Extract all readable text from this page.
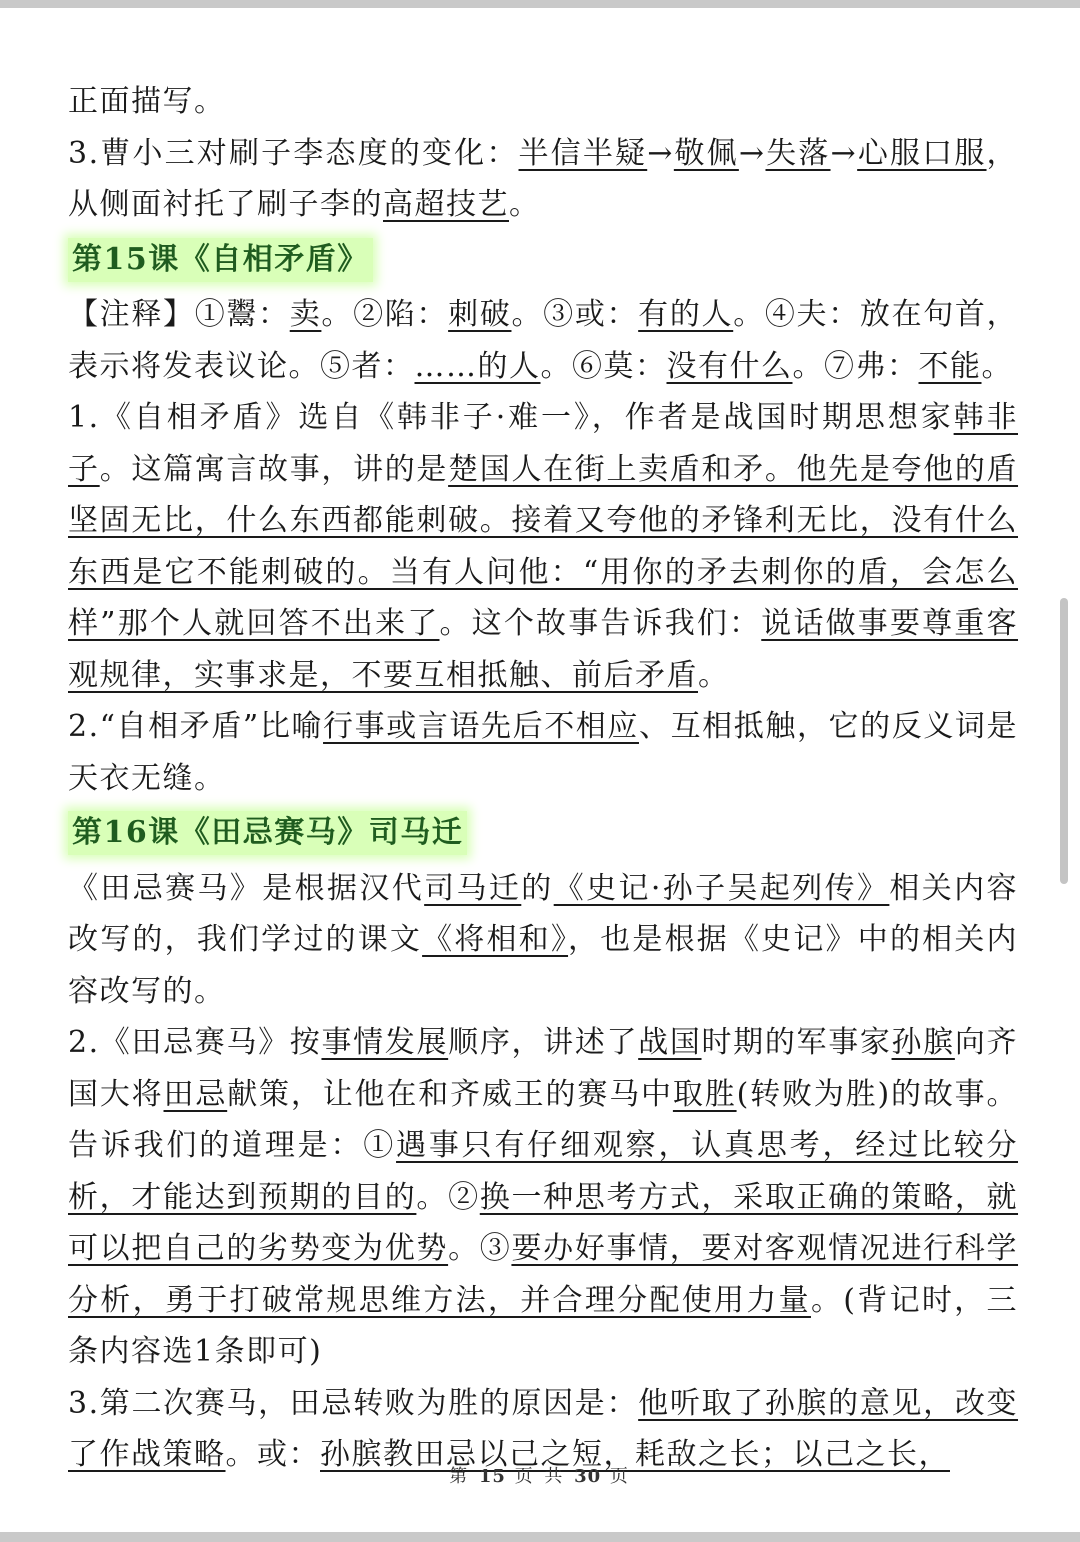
正面描写。

3.曹小三对刷子李态度的变化：半信半疑→敬佩→失落→心服口服，从侧面衬托了刷子李的高超技艺。

第15课《自相矛盾》

【注释】①鬻：卖。②陷：刺破。③或：有的人。④夫：放在句首，表示将发表议论。⑤者：……的人。⑥莫：没有什么。⑦弗：不能。

1.《自相矛盾》选自《韩非子·难一》，作者是战国时期思想家韩非子。这篇寓言故事，讲的是楚国人在街上卖盾和矛。他先是夸他的盾坚固无比，什么东西都能刺破。接着又夸他的矛锋利无比，没有什么东西是它不能刺破的。当有人问他：“用你的矛去刺你的盾，会怎么样”那个人就回答不出来了。这个故事告诉我们：说话做事要尊重客观规律，实事求是，不要互相抵触、前后矛盾。

2.“自相矛盾”比喻行事或言语先后不相应、互相抵触，它的反义词是天衣无缝。

第16课《田忌赛马》司马迁

《田忌赛马》是根据汉代司马迁的《史记·孙子吴起列传》相关内容改写的，我们学过的课文《将相和》，也是根据《史记》中的相关内容改写的。

2.《田忌赛马》按事情发展顺序，讲述了战国时期的军事家孙膑向齐国大将田忌献策，让他在和齐威王的赛马中取胜(转败为胜)的故事。告诉我们的道理是：①遇事只有仔细观察，认真思考，经过比较分析，才能达到预期的目的。②换一种思考方式，采取正确的策略，就可以把自己的劣势变为优势。③要办好事情，要对客观情况进行科学分析，勇于打破常规思维方法，并合理分配使用力量。(背记时，三条内容选1条即可)

3.第二次赛马，田忌转败为胜的原因是：他听取了孙膑的意见，改变了作战策略。或：孙膑教田忌以己之短，耗敌之长；以己之长，

第 15 页 共 30 页
